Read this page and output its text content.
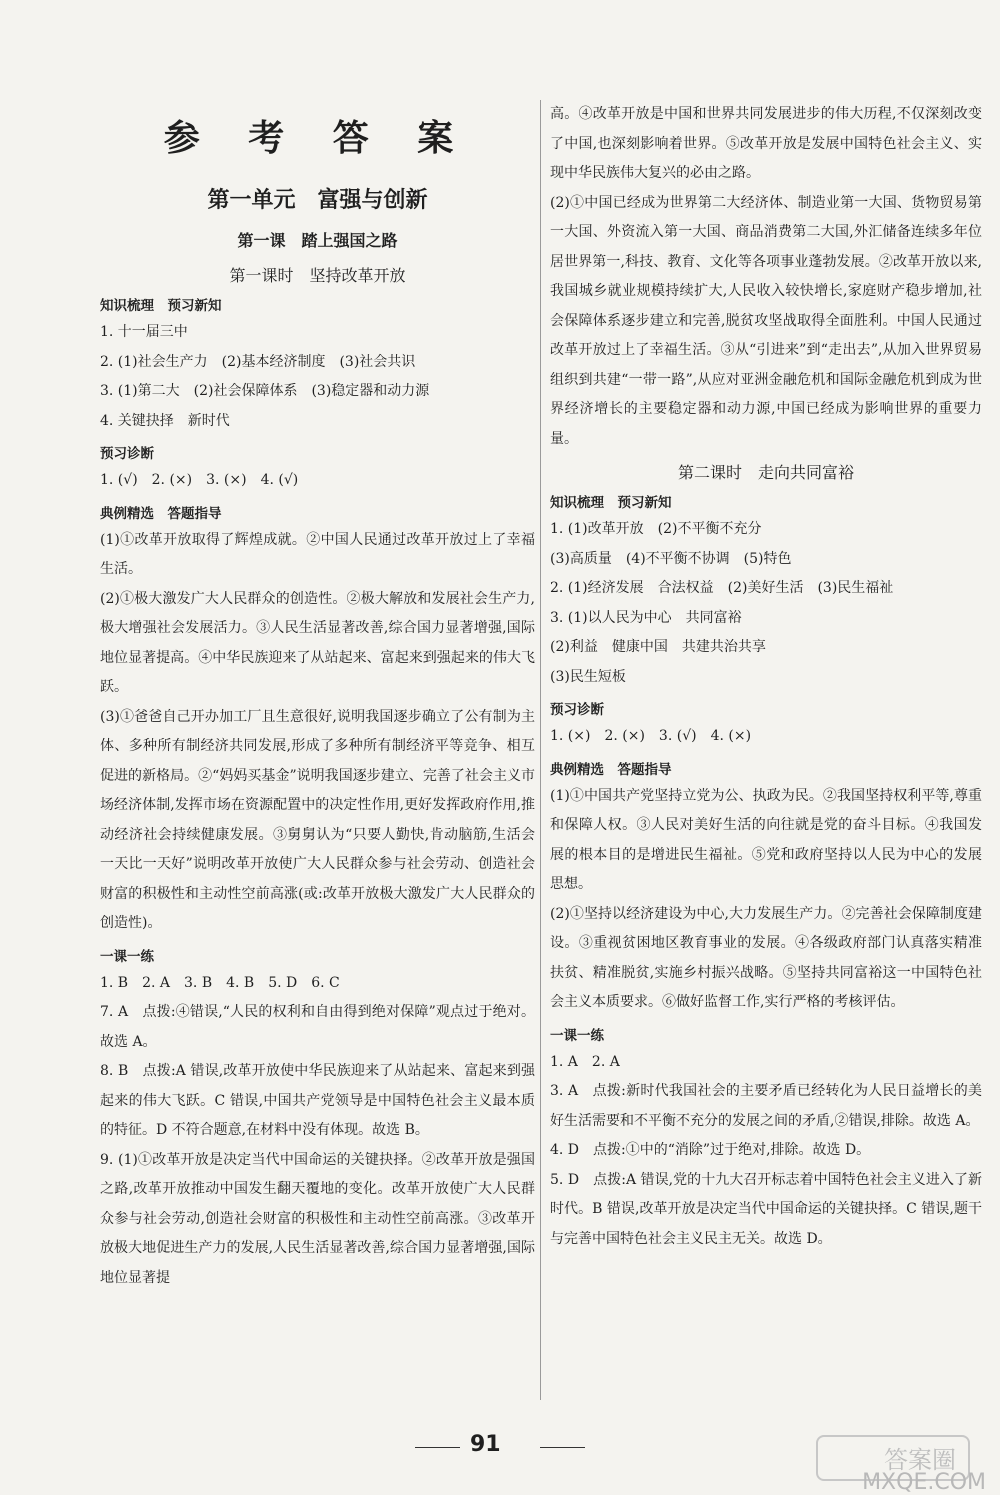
参 考 答 案
第一单元　富强与创新
第一课　踏上强国之路
第一课时　坚持改革开放
知识梳理　预习新知

1. 十一届三中

2. (1)社会生产力　(2)基本经济制度　(3)社会共识

3. (1)第二大　(2)社会保障体系　(3)稳定器和动力源

4. 关键抉择　新时代

预习诊断

1. (√)　2. (×)　3. (×)　4. (√)

典例精选　答题指导

(1)①改革开放取得了辉煌成就。②中国人民通过改革开放过上了幸福生活。

(2)①极大激发广大人民群众的创造性。②极大解放和发展社会生产力,极大增强社会发展活力。③人民生活显著改善,综合国力显著增强,国际地位显著提高。④中华民族迎来了从站起来、富起来到强起来的伟大飞跃。

(3)①爸爸自己开办加工厂且生意很好,说明我国逐步确立了公有制为主体、多种所有制经济共同发展,形成了多种所有制经济平等竞争、相互促进的新格局。②“妈妈买基金”说明我国逐步建立、完善了社会主义市场经济体制,发挥市场在资源配置中的决定性作用,更好发挥政府作用,推动经济社会持续健康发展。③舅舅认为“只要人勤快,肯动脑筋,生活会一天比一天好”说明改革开放使广大人民群众参与社会劳动、创造社会财富的积极性和主动性空前高涨(或:改革开放极大激发广大人民群众的创造性)。

一课一练

1. B　2. A　3. B　4. B　5. D　6. C

7. A　点拨:④错误,“人民的权利和自由得到绝对保障”观点过于绝对。故选 A。

8. B　点拨:A 错误,改革开放使中华民族迎来了从站起来、富起来到强起来的伟大飞跃。C 错误,中国共产党领导是中国特色社会主义最本质的特征。D 不符合题意,在材料中没有体现。故选 B。

9. (1)①改革开放是决定当代中国命运的关键抉择。②改革开放是强国之路,改革开放推动中国发生翻天覆地的变化。改革开放使广大人民群众参与社会劳动,创造社会财富的积极性和主动性空前高涨。③改革开放极大地促进生产力的发展,人民生活显著改善,综合国力显著增强,国际地位显著提

高。④改革开放是中国和世界共同发展进步的伟大历程,不仅深刻改变了中国,也深刻影响着世界。⑤改革开放是发展中国特色社会主义、实现中华民族伟大复兴的必由之路。

(2)①中国已经成为世界第二大经济体、制造业第一大国、货物贸易第一大国、外资流入第一大国、商品消费第二大国,外汇储备连续多年位居世界第一,科技、教育、文化等各项事业蓬勃发展。②改革开放以来,我国城乡就业规模持续扩大,人民收入较快增长,家庭财产稳步增加,社会保障体系逐步建立和完善,脱贫攻坚战取得全面胜利。中国人民通过改革开放过上了幸福生活。③从“引进来”到“走出去”,从加入世界贸易组织到共建“一带一路”,从应对亚洲金融危机和国际金融危机到成为世界经济增长的主要稳定器和动力源,中国已经成为影响世界的重要力量。

第二课时　走向共同富裕
知识梳理　预习新知

1. (1)改革开放　(2)不平衡不充分

(3)高质量　(4)不平衡不协调　(5)特色

2. (1)经济发展　合法权益　(2)美好生活　(3)民生福祉

3. (1)以人民为中心　共同富裕

(2)利益　健康中国　共建共治共享

(3)民生短板

预习诊断

1. (×)　2. (×)　3. (√)　4. (×)

典例精选　答题指导

(1)①中国共产党坚持立党为公、执政为民。②我国坚持权利平等,尊重和保障人权。③人民对美好生活的向往就是党的奋斗目标。④我国发展的根本目的是增进民生福祉。⑤党和政府坚持以人民为中心的发展思想。

(2)①坚持以经济建设为中心,大力发展生产力。②完善社会保障制度建设。③重视贫困地区教育事业的发展。④各级政府部门认真落实精准扶贫、精准脱贫,实施乡村振兴战略。⑤坚持共同富裕这一中国特色社会主义本质要求。⑥做好监督工作,实行严格的考核评估。

一课一练

1. A　2. A

3. A　点拨:新时代我国社会的主要矛盾已经转化为人民日益增长的美好生活需要和不平衡不充分的发展之间的矛盾,②错误,排除。故选 A。

4. D　点拨:①中的“消除”过于绝对,排除。故选 D。

5. D　点拨:A 错误,党的十九大召开标志着中国特色社会主义进入了新时代。B 错误,改革开放是决定当代中国命运的关键抉择。C 错误,题干与完善中国特色社会主义民主无关。故选 D。

91
答案圈
MXQE.COM
